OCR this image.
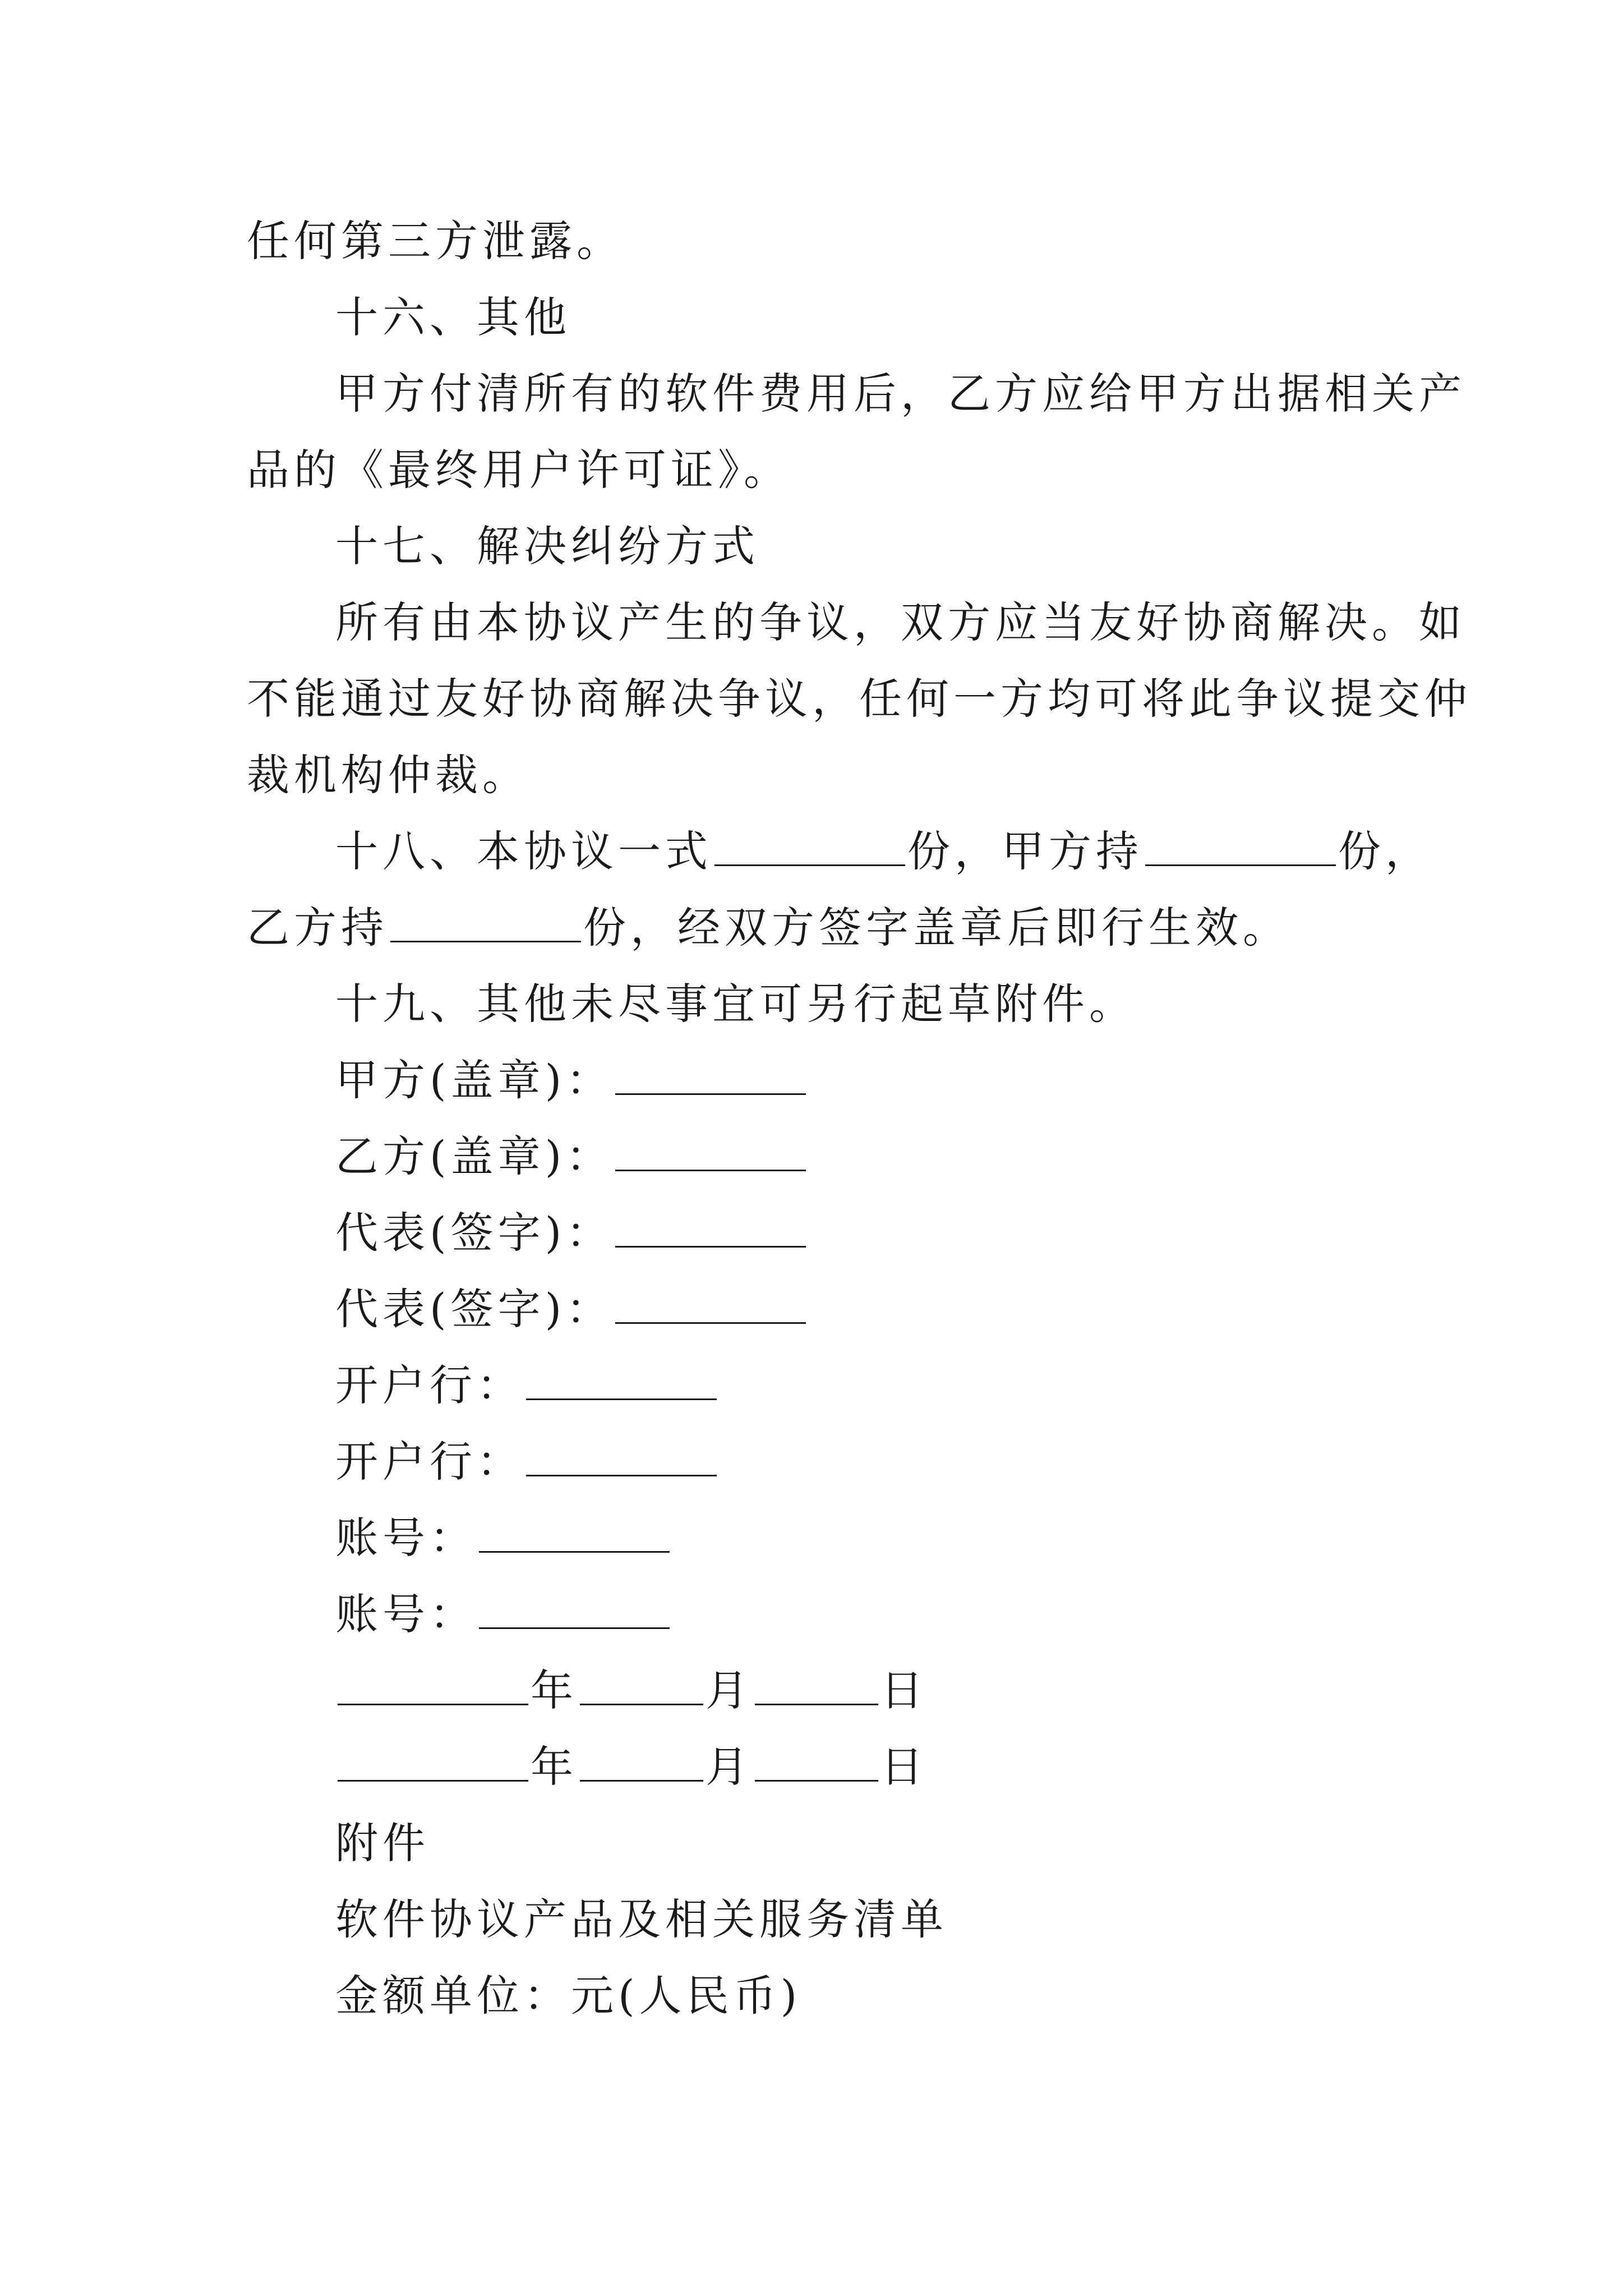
任何第三方泄露。
十六、其他
甲方付清所有的软件费用后，乙方应给甲方出据相关产
品的《最终用户许可证》。
十七、解决纠纷方式
所有由本协议产生的争议，双方应当友好协商解决。如
不能通过友好协商解决争议，任何一方均可将此争议提交仲
裁机构仲裁。
十八、本协议一式	份，甲方持	份，
乙方持	份，经双方签字盖章后即行生效。
十九、其他未尽事宜可另行起草附件。
甲方(盖章)：
乙方(盖章)：
代表(签字)：
代表(签字)：
开户行：
开户行：
账号：
账号：
年	月	日
年	月	日
附件
软件协议产品及相关服务清单
金额单位：元(人民币)
